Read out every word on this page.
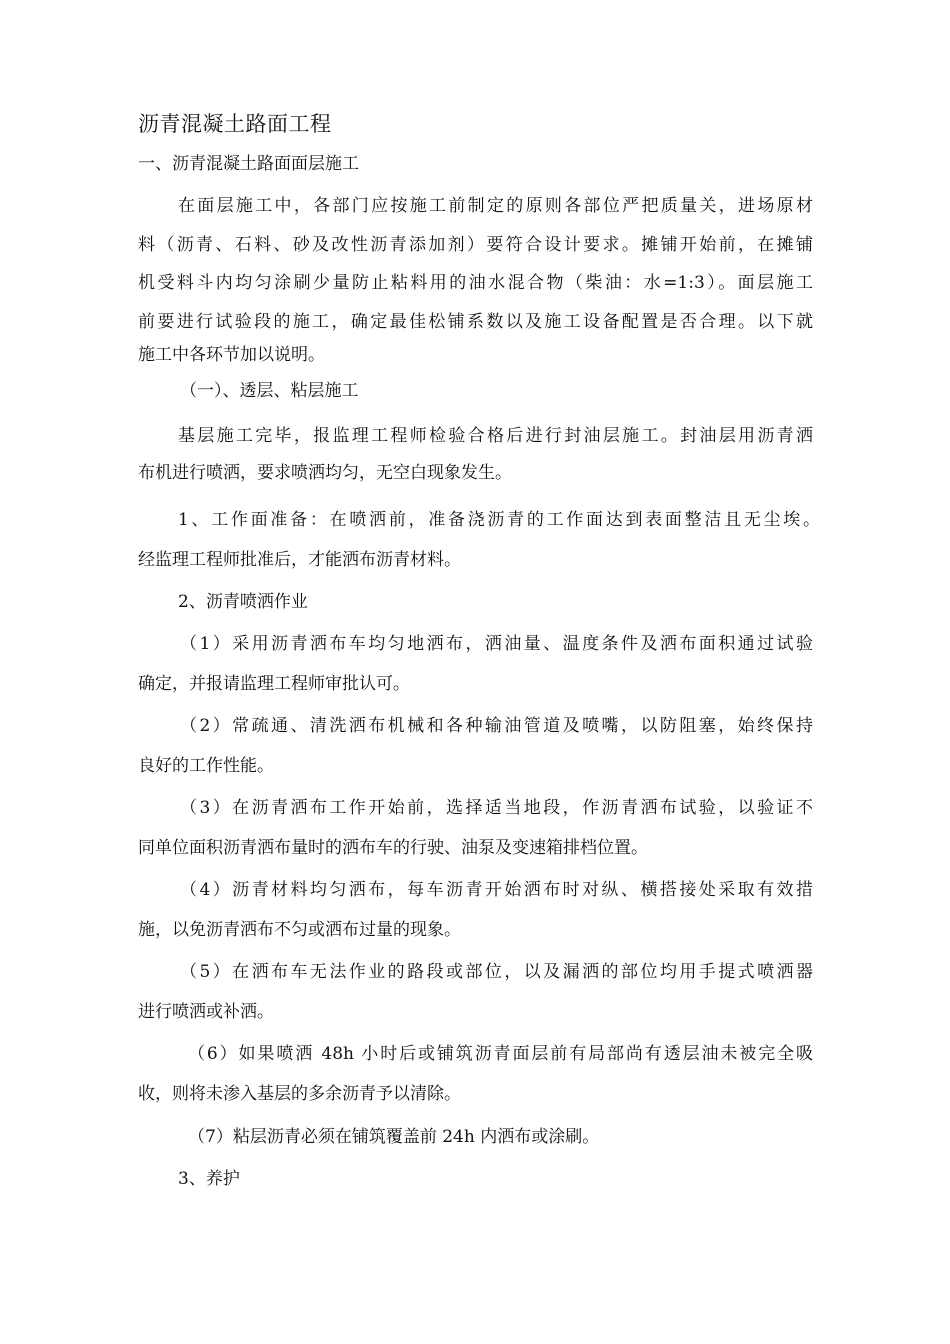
沥青混凝土路面工程
一、沥青混凝土路面面层施工
在面层施工中，各部门应按施工前制定的原则各部位严把质量关，进场原材
料（沥青、石料、砂及改性沥青添加剂）要符合设计要求。摊铺开始前，在摊铺
机受料斗内均匀涂刷少量防止粘料用的油水混合物（柴油：水=1:3）。面层施工
前要进行试验段的施工，确定最佳松铺系数以及施工设备配置是否合理。以下就
施工中各环节加以说明。
（一）、透层、粘层施工
基层施工完毕，报监理工程师检验合格后进行封油层施工。封油层用沥青洒
布机进行喷洒，要求喷洒均匀，无空白现象发生。
1、工作面准备：在喷洒前，准备浇沥青的工作面达到表面整洁且无尘埃。
经监理工程师批准后，才能洒布沥青材料。
2、沥青喷洒作业
（1）采用沥青洒布车均匀地洒布，洒油量、温度条件及洒布面积通过试验
确定，并报请监理工程师审批认可。
（2）常疏通、清洗洒布机械和各种输油管道及喷嘴，以防阻塞，始终保持
良好的工作性能。
（3）在沥青洒布工作开始前，选择适当地段，作沥青洒布试验，以验证不
同单位面积沥青洒布量时的洒布车的行驶、油泵及变速箱排档位置。
（4）沥青材料均匀洒布，每车沥青开始洒布时对纵、横搭接处采取有效措
施，以免沥青洒布不匀或洒布过量的现象。
（5）在洒布车无法作业的路段或部位，以及漏洒的部位均用手提式喷洒器
进行喷洒或补洒。
（6）如果喷洒 48h 小时后或铺筑沥青面层前有局部尚有透层油未被完全吸
收，则将未渗入基层的多余沥青予以清除。
（7）粘层沥青必须在铺筑覆盖前 24h 内洒布或涂刷。
3、养护
